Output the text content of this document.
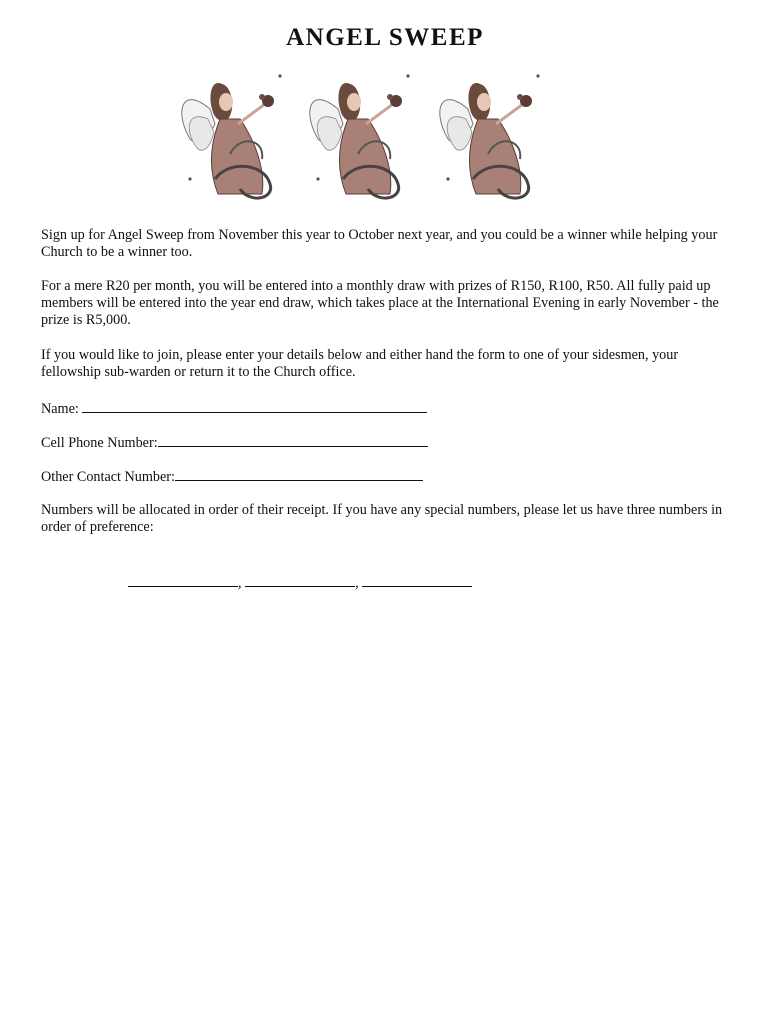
ANGEL SWEEP

Sign up for Angel Sweep from November this year to October next year, and you could be a winner while helping your Church to be a winner too.

For a mere R20 per month, you will be entered into a monthly draw with prizes of R150, R100, R50. All fully paid up members will be entered into the year end draw, which takes place at the International Evening in early November - the prize is R5,000.

If you would like to join, please enter your details below and either hand the form to one of your sidesmen, your fellowship sub-warden or return it to the Church office.

Name:
Cell Phone Number:
Other Contact Number:

Numbers will be allocated in order of their receipt. If you have any special numbers, please let us have three numbers in order of preference:

,	,
